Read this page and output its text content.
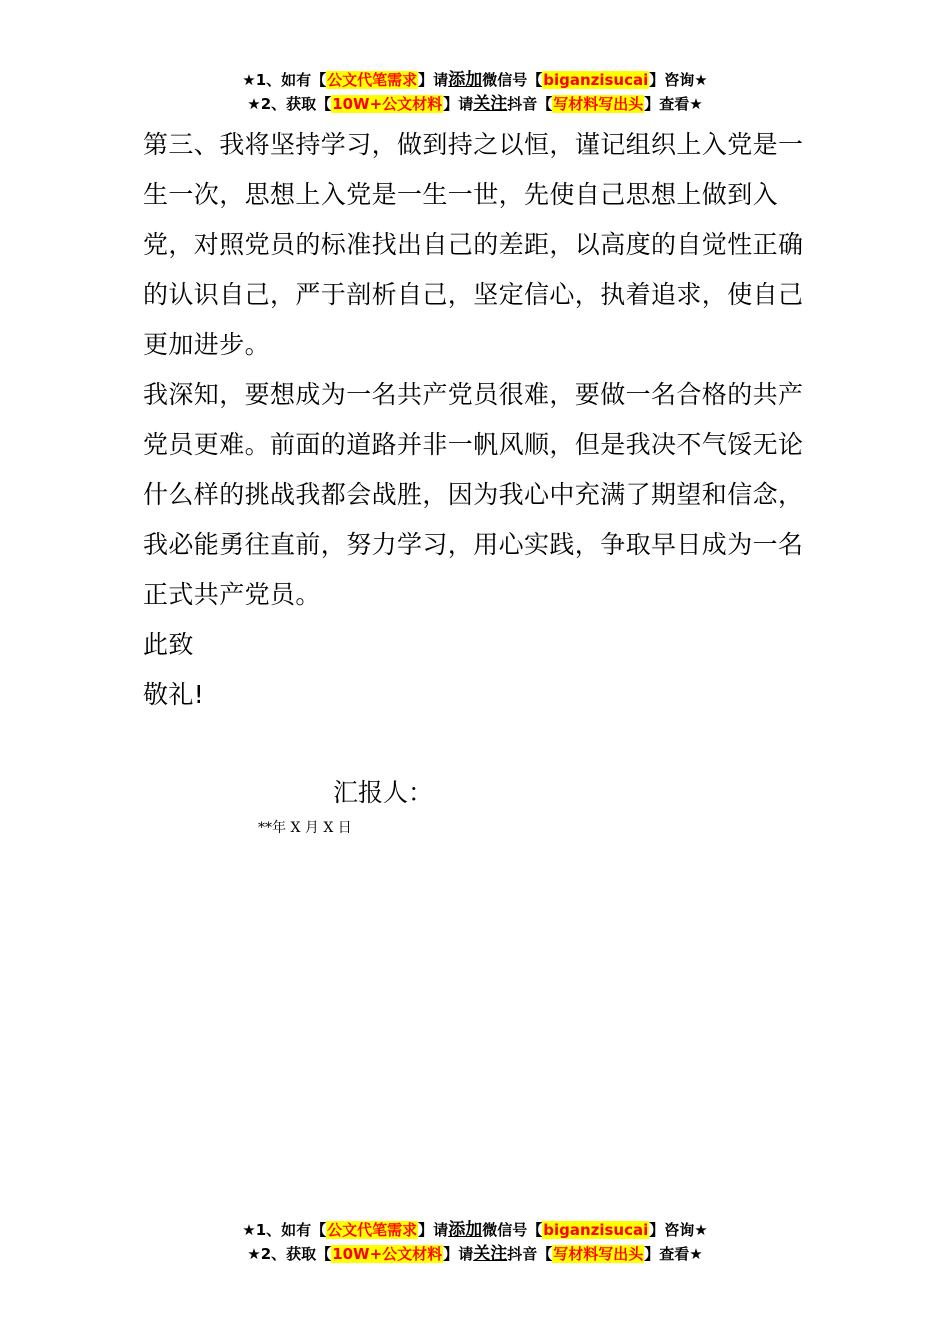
★1、如有【公文代笔需求】请添加微信号【biganzisucai】咨询★
★2、获取【10W+公文材料】请关注抖音【写材料写出头】查看★

第三、我将坚持学习，做到持之以恒，谨记组织上入党是一生一次，思想上入党是一生一世，先使自己思想上做到入党，对照党员的标准找出自己的差距，以高度的自觉性正确的认识自己，严于剖析自己，坚定信心，执着追求，使自己更加进步。

我深知，要想成为一名共产党员很难，要做一名合格的共产党员更难。前面的道路并非一帆风顺，但是我决不气馁无论什么样的挑战我都会战胜，因为我心中充满了期望和信念，我必能勇往直前，努力学习，用心实践，争取早日成为一名正式共产党员。

此致

敬礼!

汇报人：
**年 X 月 X 日
★1、如有【公文代笔需求】请添加微信号【biganzisucai】咨询★
★2、获取【10W+公文材料】请关注抖音【写材料写出头】查看★
